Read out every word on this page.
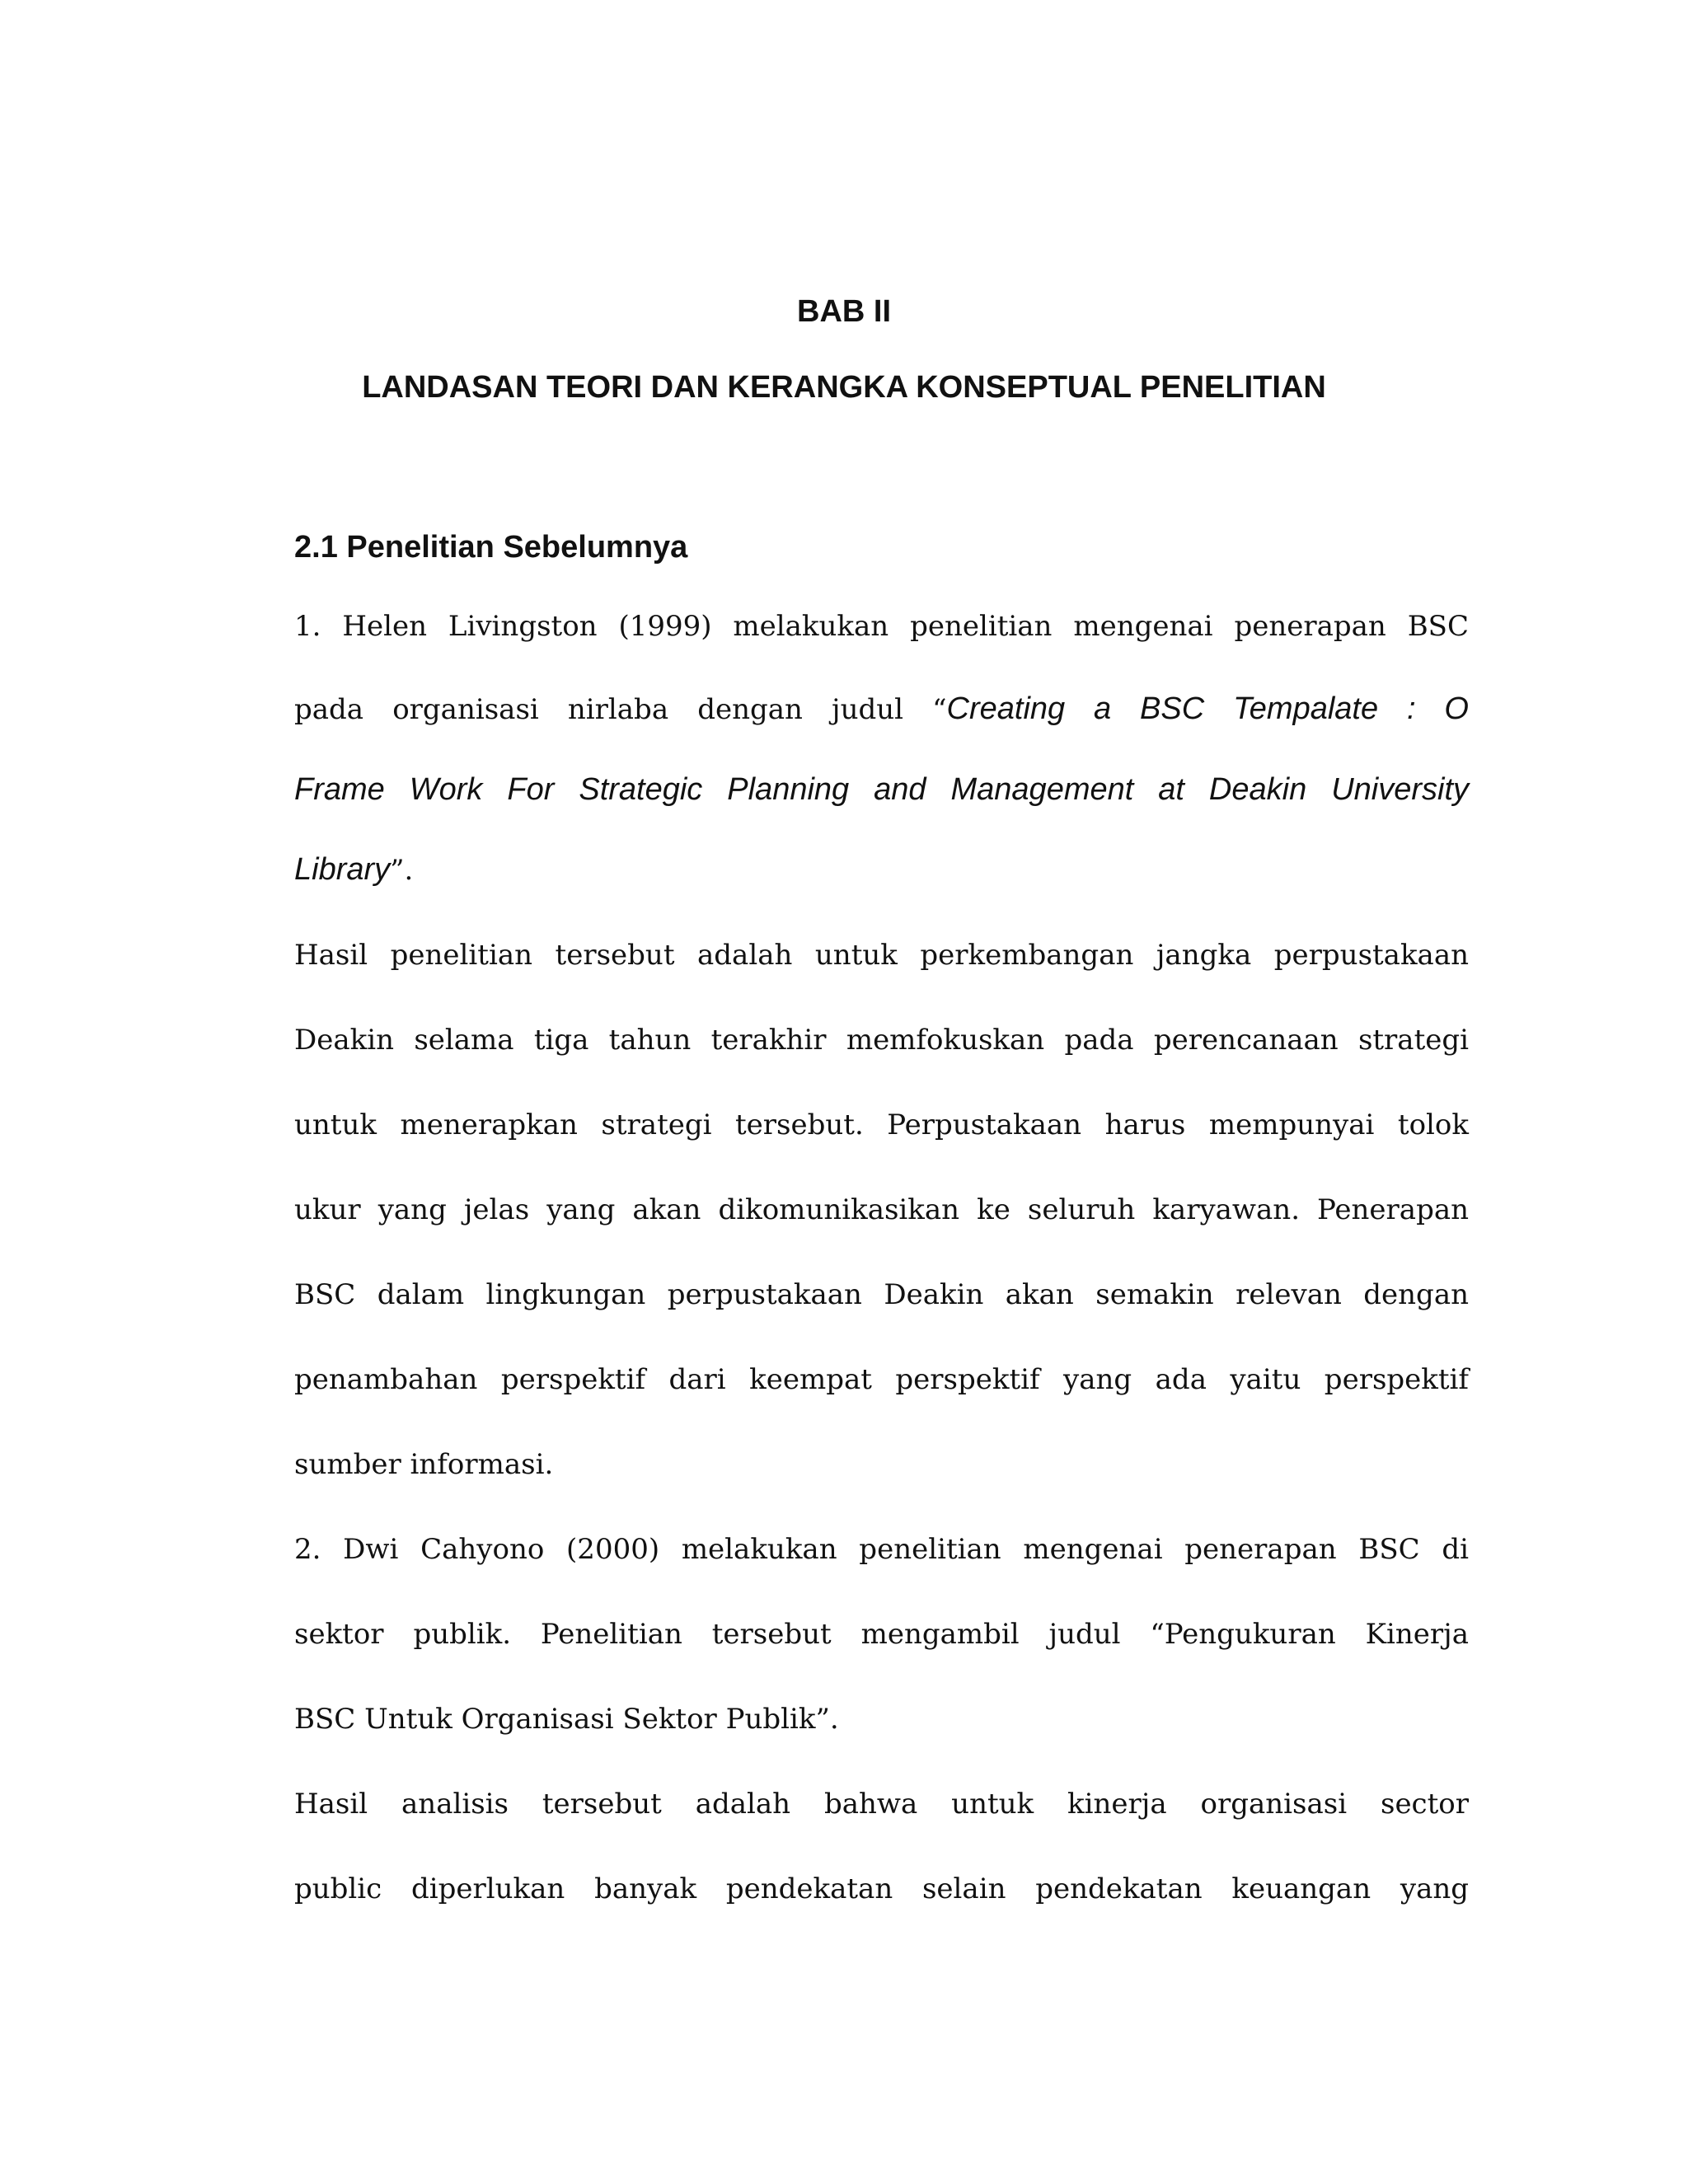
BAB II
LANDASAN TEORI DAN KERANGKA KONSEPTUAL PENELITIAN
2.1 Penelitian Sebelumnya
1. Helen Livingston (1999) melakukan penelitian mengenai penerapan BSC
pada organisasi nirlaba dengan judul “Creating a BSC Tempalate : O
Frame Work For Strategic Planning and Management at Deakin University
Library”.
Hasil penelitian tersebut adalah untuk perkembangan jangka perpustakaan
Deakin selama tiga tahun terakhir memfokuskan pada perencanaan strategi
untuk menerapkan strategi tersebut. Perpustakaan harus mempunyai tolok
ukur yang jelas yang akan dikomunikasikan ke seluruh karyawan. Penerapan
BSC dalam lingkungan perpustakaan Deakin akan semakin relevan dengan
penambahan perspektif dari keempat perspektif yang ada yaitu perspektif
sumber informasi.
2. Dwi Cahyono (2000) melakukan penelitian mengenai penerapan BSC di
sektor publik. Penelitian tersebut mengambil judul “Pengukuran Kinerja
BSC Untuk Organisasi Sektor Publik”.
Hasil analisis tersebut adalah bahwa untuk kinerja organisasi sector
public diperlukan banyak pendekatan selain pendekatan keuangan yang
